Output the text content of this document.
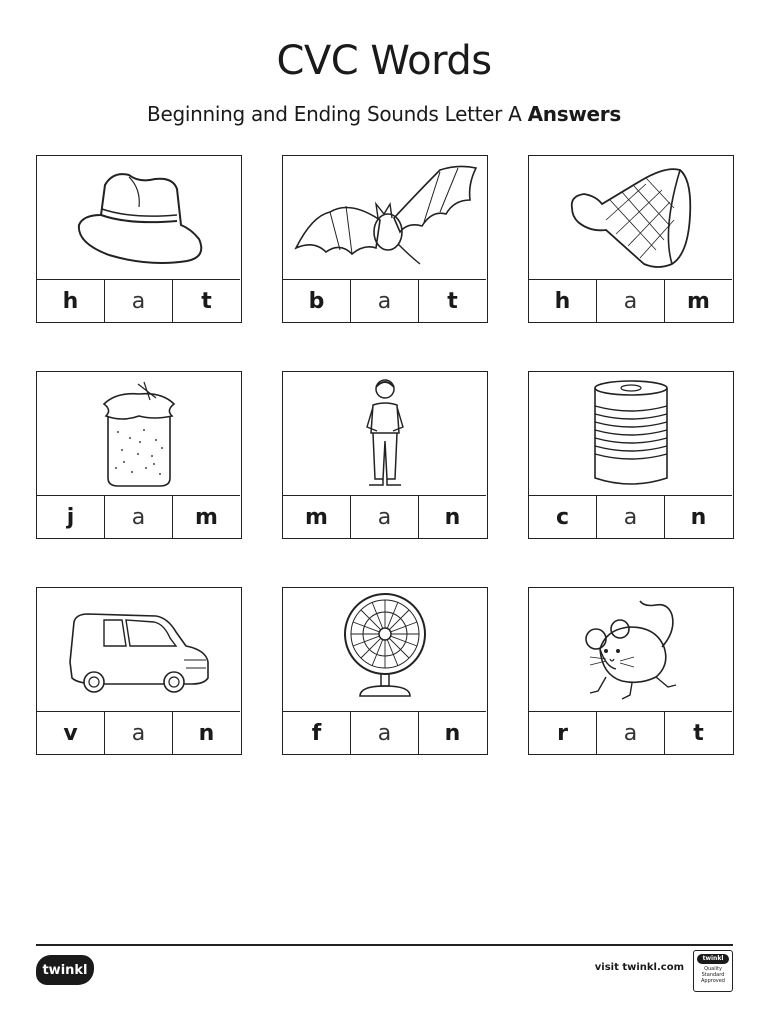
CVC Words

Beginning and Ending Sounds Letter A Answers

h	a	t	b	a	t	h	a	m
j	a	m	m	a	n	c	a	n
v	a	n	f	a	n	r	a	t
twinkl	visit twinkl.com
twinkl
Quality Standard
Approved
